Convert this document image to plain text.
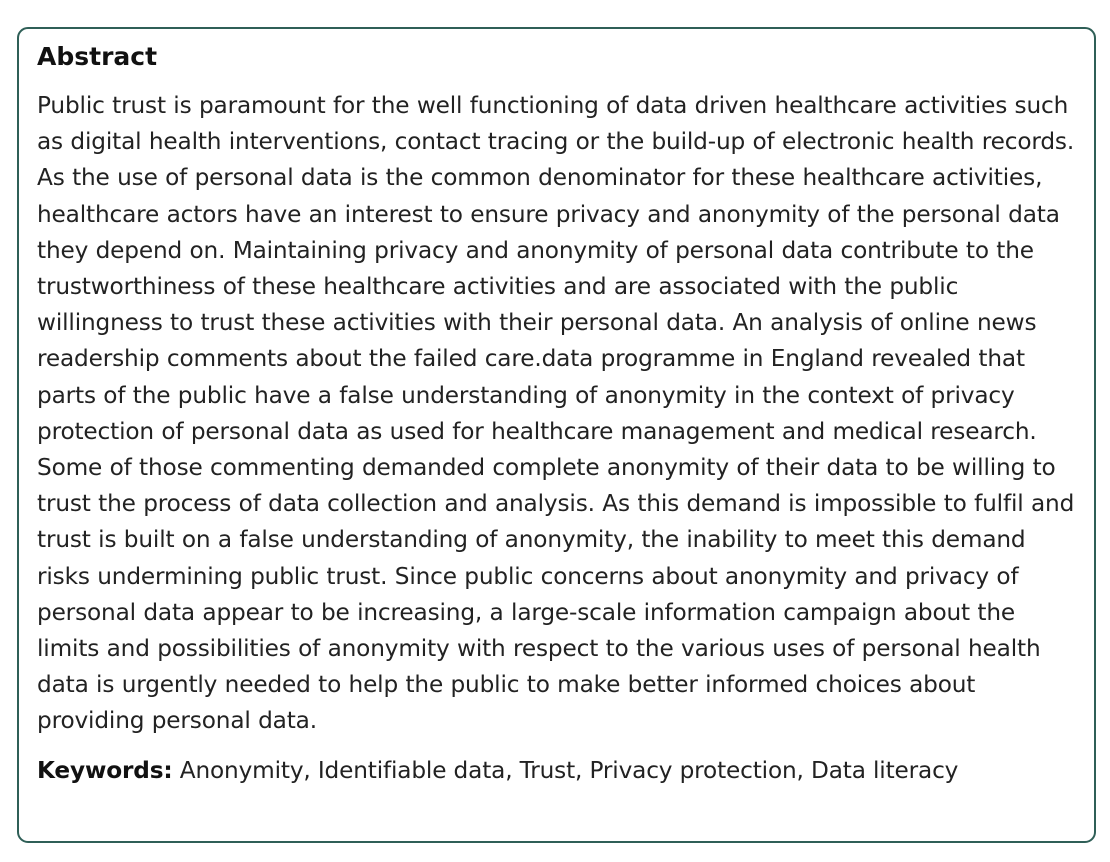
Abstract

Public trust is paramount for the well functioning of data driven healthcare activities such as digital health interventions, contact tracing or the build-up of electronic health records. As the use of personal data is the common denominator for these healthcare activities, healthcare actors have an interest to ensure privacy and anonymity of the personal data they depend on. Maintaining privacy and anonymity of personal data contribute to the trustworthiness of these healthcare activities and are associated with the public willingness to trust these activities with their personal data. An analysis of online news readership comments about the failed care.data programme in England revealed that parts of the public have a false understanding of anonymity in the context of privacy protection of personal data as used for healthcare management and medical research. Some of those commenting demanded complete anonymity of their data to be willing to trust the process of data collection and analysis. As this demand is impossible to fulfil and trust is built on a false understanding of anonymity, the inability to meet this demand risks undermining public trust. Since public concerns about anonymity and privacy of personal data appear to be increasing, a large-scale information campaign about the limits and possibilities of anonymity with respect to the various uses of personal health data is urgently needed to help the public to make better informed choices about providing personal data.

Keywords: Anonymity, Identifiable data, Trust, Privacy protection, Data literacy
